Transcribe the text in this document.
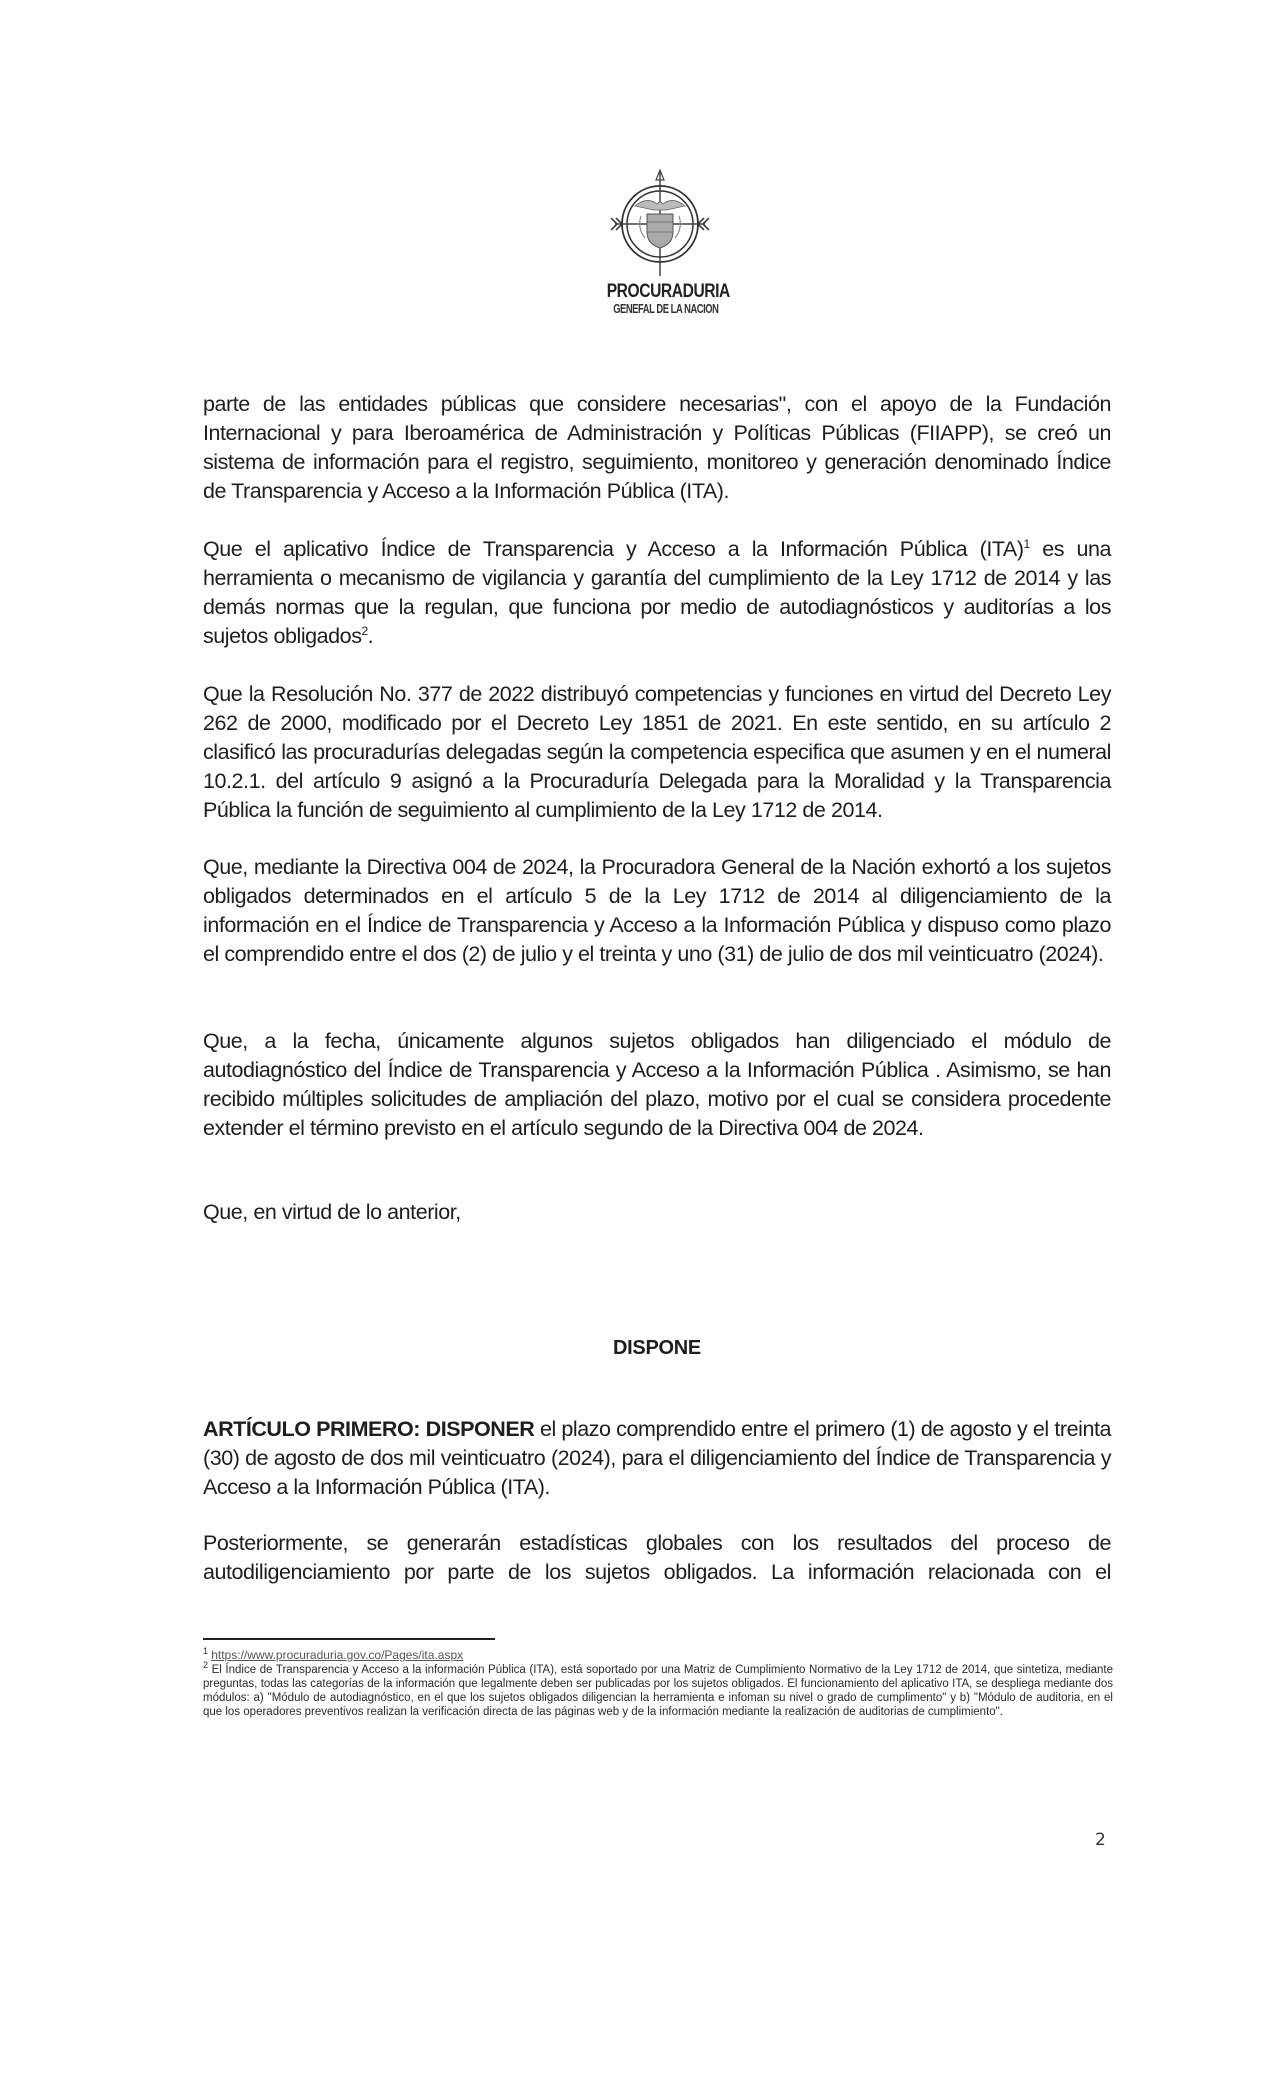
PROCURADURIA
GENEFAL DE LA NACION

parte de las entidades públicas que considere necesarias", con el apoyo de la Fundación Internacional y para Iberoamérica de Administración y Políticas Públicas (FIIAPP), se creó un sistema de información para el registro, seguimiento, monitoreo y generación denominado Índice de Transparencia y Acceso a la Información Pública (ITA).

Que el aplicativo Índice de Transparencia y Acceso a la Información Pública (ITA)$^1$ es una herramienta o mecanismo de vigilancia y garantía del cumplimiento de la Ley 1712 de 2014 y las demás normas que la regulan, que funciona por medio de autodiagnósticos y auditorías a los sujetos obligados$^2$.

Que la Resolución No. 377 de 2022 distribuyó competencias y funciones en virtud del Decreto Ley 262 de 2000, modificado por el Decreto Ley 1851 de 2021. En este sentido, en su artículo 2 clasificó las procuradurías delegadas según la competencia especifica que asumen y en el numeral 10.2.1. del artículo 9 asignó a la Procuraduría Delegada para la Moralidad y la Transparencia Pública la función de seguimiento al cumplimiento de la Ley 1712 de 2014.

Que, mediante la Directiva 004 de 2024, la Procuradora General de la Nación exhortó a los sujetos obligados determinados en el artículo 5 de la Ley 1712 de 2014 al diligenciamiento de la información en el Índice de Transparencia y Acceso a la Información Pública y dispuso como plazo el comprendido entre el dos (2) de julio y el treinta y uno (31) de julio de dos mil veinticuatro (2024).

Que, a la fecha, únicamente algunos sujetos obligados han diligenciado el módulo de autodiagnóstico del Índice de Transparencia y Acceso a la Información Pública . Asimismo, se han recibido múltiples solicitudes de ampliación del plazo, motivo por el cual se considera procedente extender el término previsto en el artículo segundo de la Directiva 004 de 2024.

Que, en virtud de lo anterior,

DISPONE

ARTÍCULO PRIMERO: DISPONER el plazo comprendido entre el primero (1) de agosto y el treinta (30) de agosto de dos mil veinticuatro (2024), para el diligenciamiento del Índice de Transparencia y Acceso a la Información Pública (ITA).

Posteriormente, se generarán estadísticas globales con los resultados del proceso de autodiligenciamiento por parte de los sujetos obligados. La información relacionada con el

$^1$ https://www.procuraduria.gov.co/Pages/ita.aspx

$^2$ El Índice de Transparencia y Acceso a la información Pública (ITA), está soportado por una Matriz de Cumplimiento Normativo de la Ley 1712 de 2014, que sintetiza, mediante preguntas, todas las categorías de la información que legalmente deben ser publicadas por los sujetos obligados. El funcionamiento del aplicativo ITA, se despliega mediante dos módulos: a) "Módulo de autodiagnóstico, en el que los sujetos obligados diligencian la herramienta e infoman su nivel o grado de cumplimento" y b) "Módulo de auditoria, en el que los operadores preventivos realizan la verificación directa de las páginas web y de la información mediante la realización de auditorias de cumplimiento".

2
